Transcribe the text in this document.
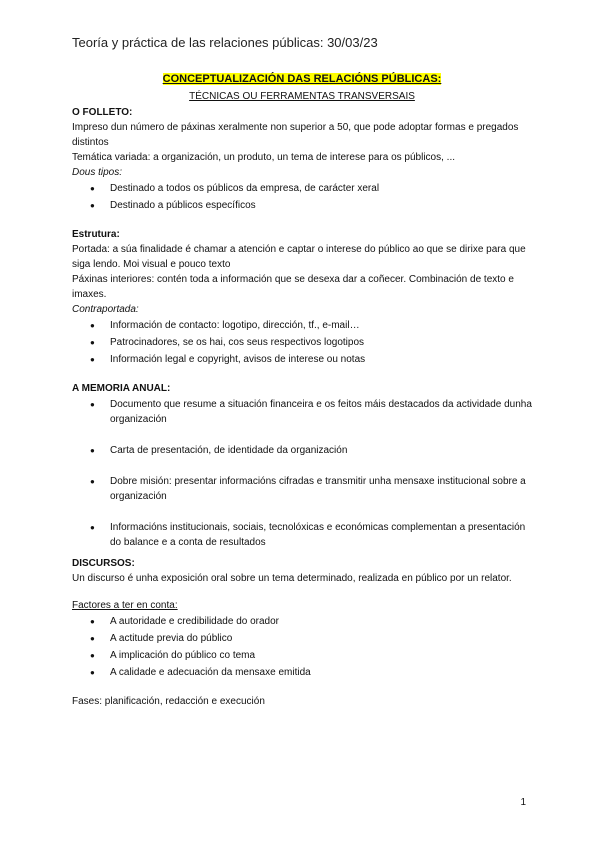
Teoría y práctica de las relaciones públicas: 30/03/23
CONCEPTUALIZACIÓN DAS RELACIÓNS PÚBLICAS:
TÉCNICAS OU FERRAMENTAS TRANSVERSAIS

O FOLLETO:

Impreso dun número de páxinas xeralmente non superior a 50, que pode adoptar formas e pregados distintos

Temática variada: a organización, un produto, un tema de interese para os públicos, ...

Dous tipos:

● Destinado a todos os públicos da empresa, de carácter xeral
● Destinado a públicos específicos

Estrutura:

Portada: a súa finalidade é chamar a atención e captar o interese do público ao que se dirixe para que siga lendo. Moi visual e pouco texto

Páxinas interiores: contén toda a información que se desexa dar a coñecer. Combinación de texto e imaxes.

Contraportada:

● Información de contacto: logotipo, dirección, tf., e-mail…
● Patrocinadores, se os hai, cos seus respectivos logotipos
● Información legal e copyright, avisos de interese ou notas

A MEMORIA ANUAL:

● Documento que resume a situación financeira e os feitos máis destacados da actividade dunha organización
● Carta de presentación, de identidade da organización
● Dobre misión: presentar informacións cifradas e transmitir unha mensaxe institucional sobre a organización
● Informacións institucionais, sociais, tecnolóxicas e económicas complementan a presentación do balance e a conta de resultados

DISCURSOS:

Un discurso é unha exposición oral sobre un tema determinado, realizada en público por un relator.

Factores a ter en conta:

● A autoridade e credibilidade do orador
● A actitude previa do público
● A implicación do público co tema
● A calidade e adecuación da mensaxe emitida

Fases: planificación, redacción e execución

1
